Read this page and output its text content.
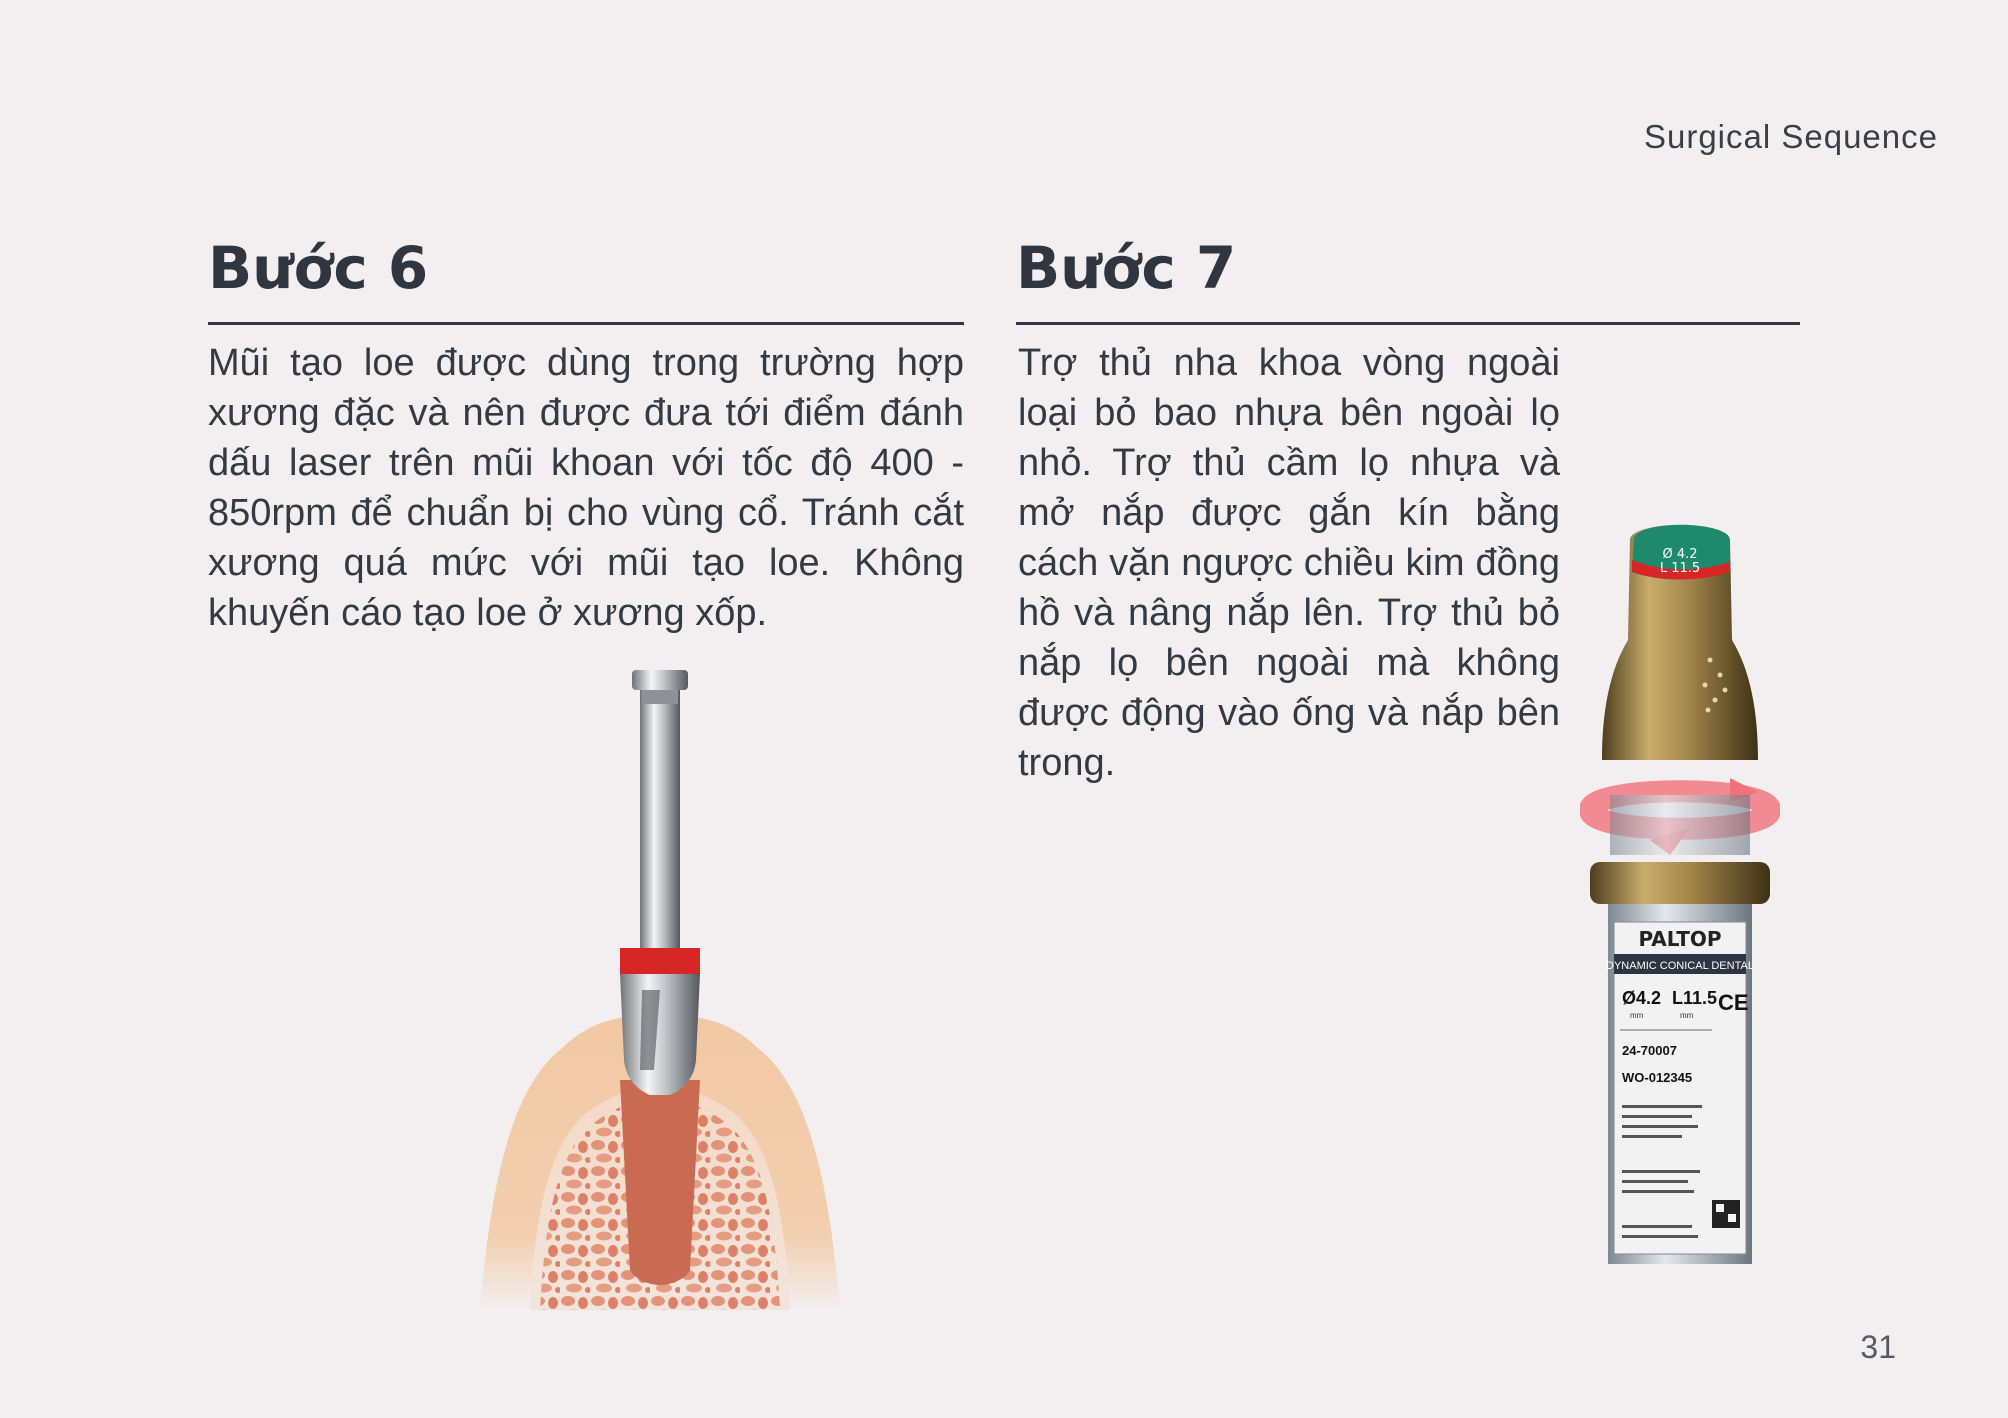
Surgical Sequence
Bước 6

Mũi tạo loe được dùng trong trường hợp xương đặc và nên được đưa tới điểm đánh dấu laser trên mũi khoan với tốc độ 400 - 850rpm để chuẩn bị cho vùng cổ. Tránh cắt xương quá mức với mũi tạo loe. Không khuyến cáo tạo loe ở xương xốp.

Bước 7

Trợ thủ nha khoa vòng ngoài loại bỏ bao nhựa bên ngoài lọ nhỏ. Trợ thủ cầm lọ nhựa và mở nắp được gắn kín bằng cách vặn ngược chiều kim đồng hồ và nâng nắp lên. Trợ thủ bỏ nắp lọ bên ngoài mà không được động vào ống và nắp bên trong.

Ø 4.2
L 11.5
PALTOP
DYNAMIC CONICAL DENTAL
Ø4.2 L11.5
mm	mm
CE
24-70007
WO-012345
31
